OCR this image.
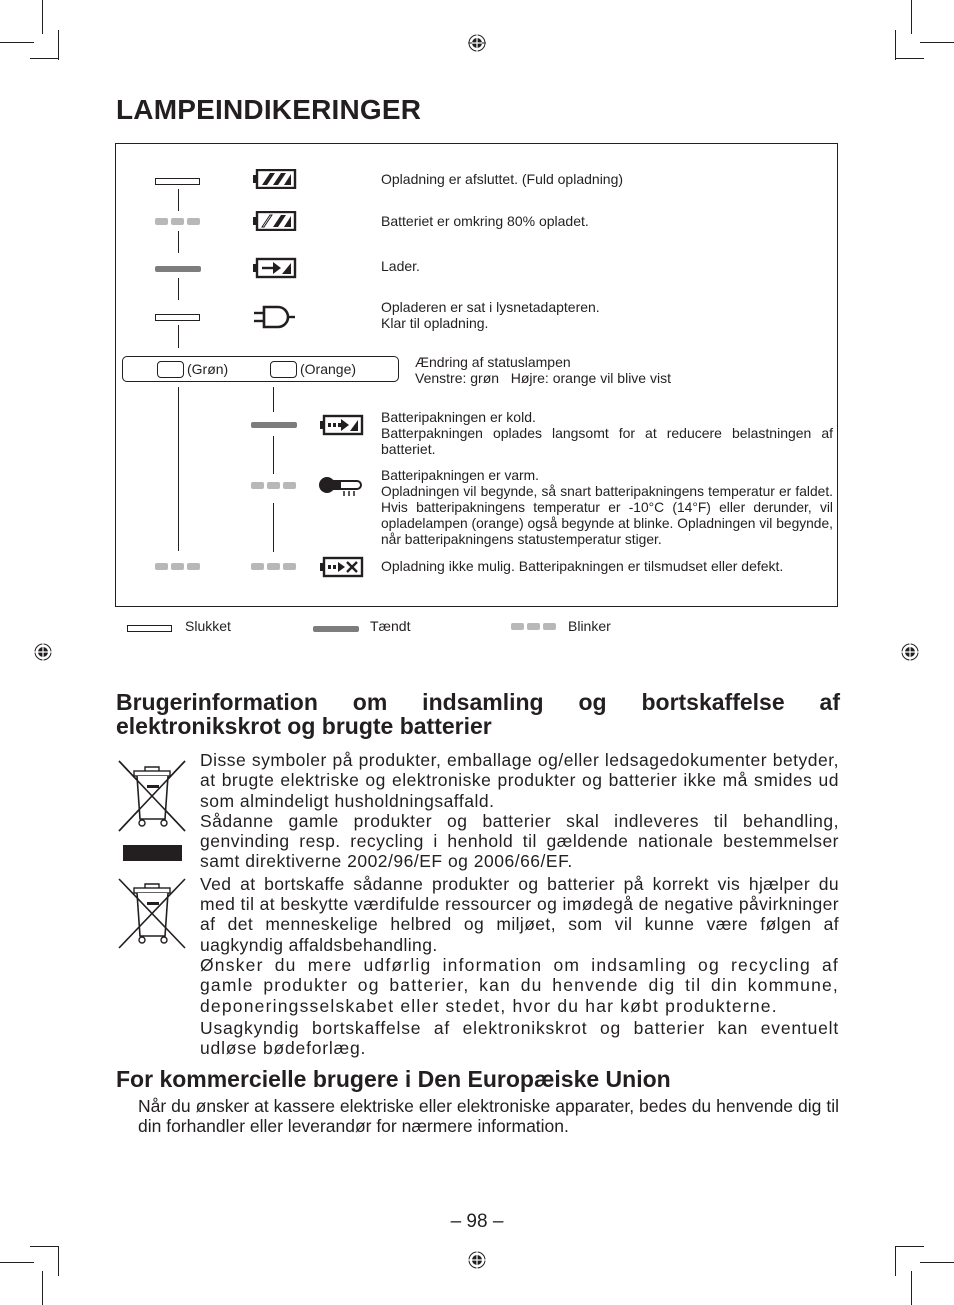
LAMPEINDIKERINGER
Opladning er afsluttet. (Fuld opladning)
Batteriet er omkring 80% opladet.
Lader.
Opladeren er sat i lysnetadapteren.
Klar til opladning.
(Grøn)	(Orange)	Ændring af statuslampen
Venstre: grøn   Højre: orange vil blive vist
Batteripakningen er kold.
Batterpakningen oplades langsomt for at reducere belastningen af batteriet.
Batteripakningen er varm.
Opladningen vil begynde, så snart batteripakningens temperatur er faldet. Hvis batteripakningens temperatur er -10°C (14°F) eller derunder, vil opladelampen (orange) også begynde at blinke. Opladningen vil begynde, når batteripakningens statustemperatur stiger.
Opladning ikke mulig. Batteripakningen er tilsmudset eller defekt.
Slukket	Tændt	Blinker
Brugerinformation om indsamling og bortskaffelse af elektronikskrot og brugte batterier

Disse symboler på produkter, emballage og/eller ledsagedokumenter betyder, at brugte elektriske og elektroniske produkter og batterier ikke må smides ud som almindeligt husholdningsaffald.

Sådanne gamle produkter og batterier skal indleveres til behandling, genvinding resp. recycling i henhold til gældende nationale bestemmelser samt direktiverne 2002/96/EF og 2006/66/EF.

Ved at bortskaffe sådanne produkter og batterier på korrekt vis hjælper du med til at beskytte værdifulde ressourcer og imødegå de negative påvirkninger af det menneskelige helbred og miljøet, som vil kunne være følgen af uagkyndig affaldsbehandling.

Ønsker du mere udførlig information om indsamling og recycling af gamle produkter og batterier, kan du henvende dig til din kommune, deponeringsselskabet eller stedet, hvor du har købt produkterne.

Usagkyndig bortskaffelse af elektronikskrot og batterier kan eventuelt udløse bødeforlæg.

For kommercielle brugere i Den Europæiske Union

Når du ønsker at kassere elektriske eller elektroniske apparater, bedes du henvende dig til din forhandler eller leverandør for nærmere information.

– 98 –
